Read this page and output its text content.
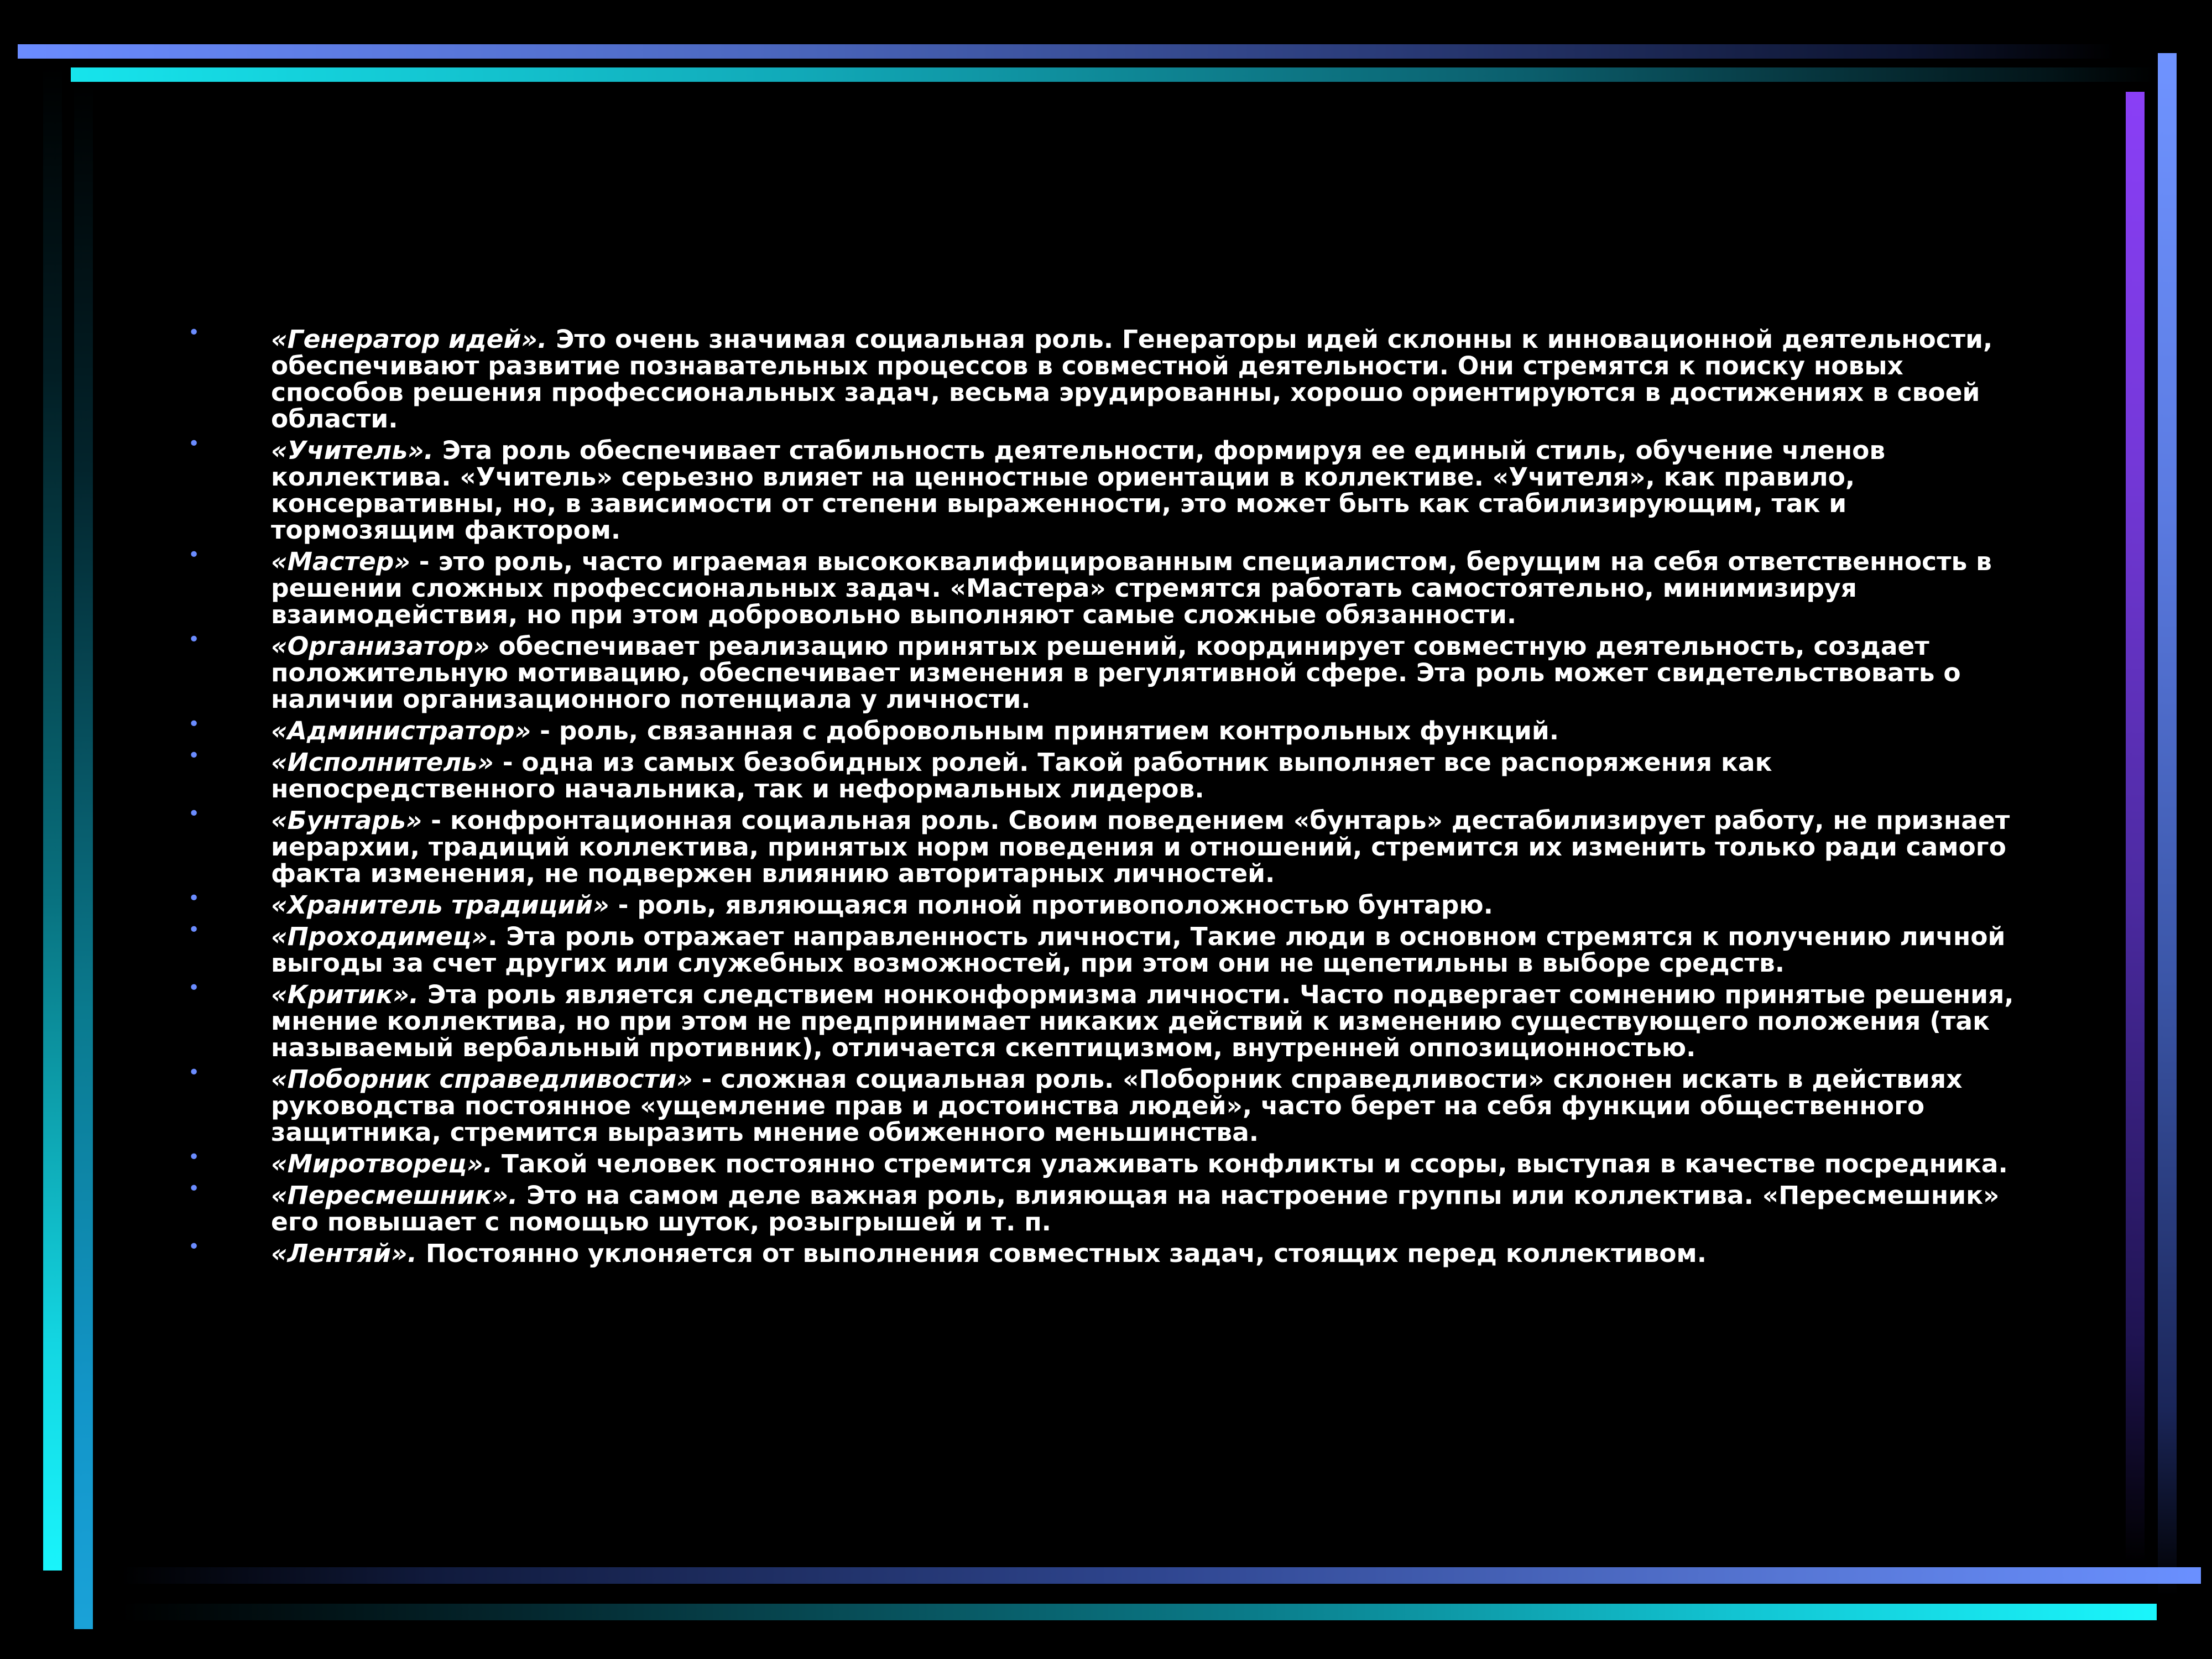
•	«Генератор идей». Это очень значимая социальная роль. Генераторы идей склонны к инновационной деятельности, обеспечивают развитие познавательных процессов в совместной деятельности. Они стремятся к поиску новых способов решения профессиональных задач, весьма эрудированны, хорошо ориентируются в достижениях в своей области.
•	«Учитель». Эта роль обеспечивает стабильность деятельности, формируя ее единый стиль, обучение членов коллектива. «Учитель» серьезно влияет на ценностные ориентации в коллективе. «Учителя», как правило, консервативны, но, в зависимости от степени выраженности, это может быть как стабилизирующим, так и тормозящим фактором.
•	«Мастер» - это роль, часто играемая высококвалифицированным специалистом, берущим на себя ответственность в решении сложных профессиональных задач. «Мастера» стремятся работать самостоятельно, минимизируя взаимодействия, но при этом добровольно выполняют самые сложные обязанности.
•	«Организатор» обеспечивает реализацию принятых решений, координирует совместную деятельность, создает положительную мотивацию, обеспечивает изменения в регулятивной сфере. Эта роль может свидетельствовать о наличии организационного потенциала у личности.
•	«Администратор» - роль, связанная с добровольным принятием контрольных функций.
•	«Исполнитель» - одна из самых безобидных ролей. Такой работник выполняет все распоряжения как непосредственного начальника, так и неформальных лидеров.
•	«Бунтарь» - конфронтационная социальная роль. Своим поведением «бунтарь» дестабилизирует работу, не признает иерархии, традиций коллектива, принятых норм поведения и отношений, стремится их изменить только ради самого факта изменения, не подвержен влиянию авторитарных личностей.
•	«Хранитель традиций» - роль, являющаяся полной противоположностью бунтарю.
•	«Проходимец». Эта роль отражает направленность личности, Такие люди в основном стремятся к получению личной выгоды за счет других или служебных возможностей, при этом они не щепетильны в выборе средств.
•	«Критик». Эта роль является следствием нонконформизма личности. Часто подвергает сомнению принятые решения, мнение коллектива, но при этом не предпринимает никаких действий к изменению существующего положения (так называемый вербальный противник), отличается скептицизмом, внутренней оппозиционностью.
•	«Поборник справедливости» - сложная социальная роль. «Поборник справедливости» склонен искать в действиях руководства постоянное «ущемление прав и достоинства людей», часто берет на себя функции общественного защитника, стремится выразить мнение обиженного меньшинства.
•	«Миротворец». Такой человек постоянно стремится улаживать конфликты и ссоры, выступая в качестве посредника.
•	«Пересмешник». Это на самом деле важная роль, влияющая на настроение группы или коллектива. «Пересмешник» его повышает с помощью шуток, розыгрышей и т. п.
•	«Лентяй». Постоянно уклоняется от выполнения совместных задач, стоящих перед коллективом.
